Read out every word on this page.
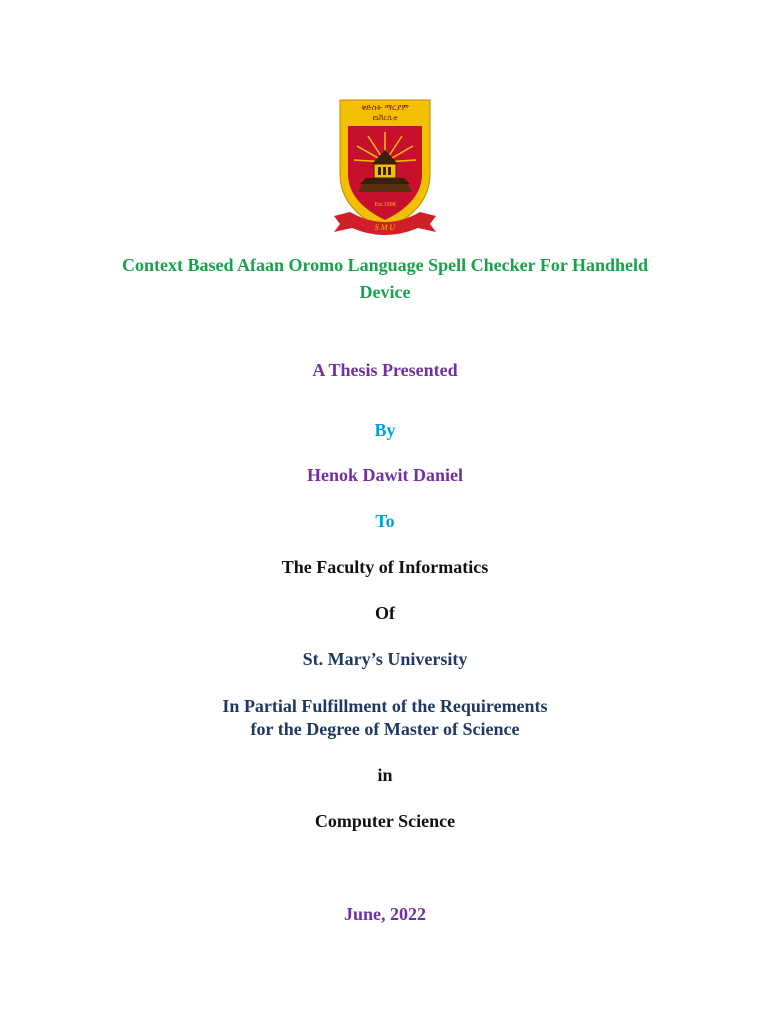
ቅድስት ማርያም
ዩኒቨርሲቲ
Est.1998
S M U
Context Based Afaan Oromo Language Spell Checker For Handheld
Device
A Thesis Presented
By
Henok Dawit Daniel
To
The Faculty of Informatics
Of
St. Mary’s University
In Partial Fulfillment of the Requirements
for the Degree of Master of Science
in
Computer Science
June, 2022
